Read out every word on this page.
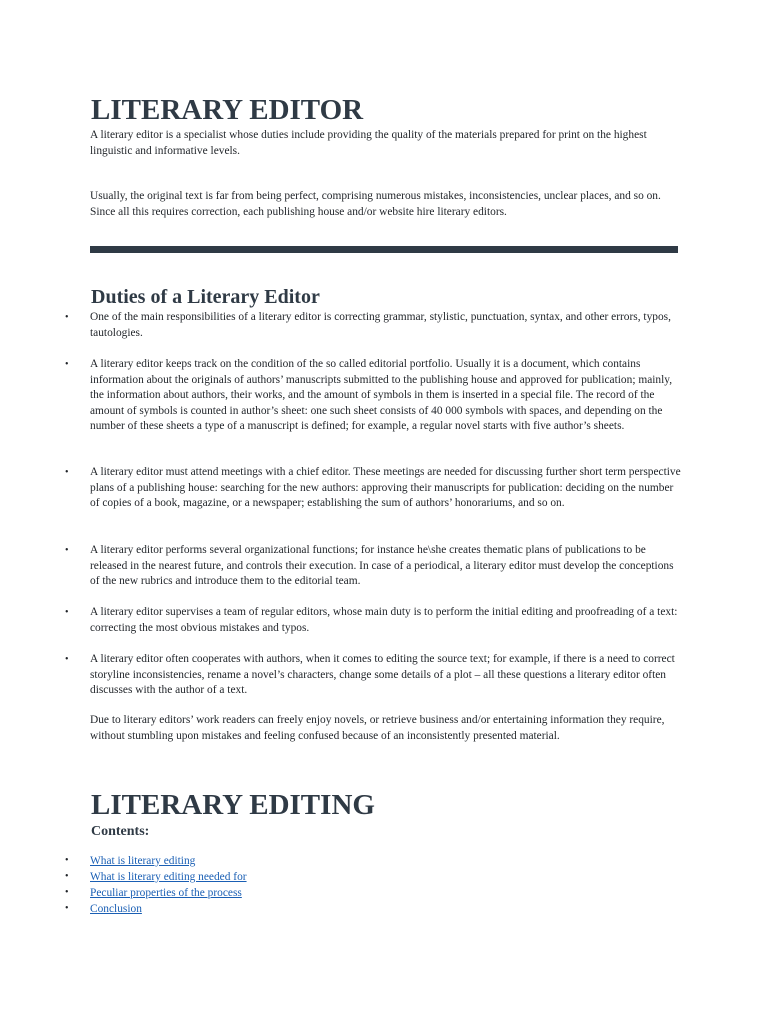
LITERARY EDITOR

A literary editor is a specialist whose duties include providing the quality of the materials prepared for print on the highest linguistic and informative levels.

Usually, the original text is far from being perfect, comprising numerous mistakes, inconsistencies, unclear places, and so on. Since all this requires correction, each publishing house and/or website hire literary editors.

Duties of a Literary Editor
• One of the main responsibilities of a literary editor is correcting grammar, stylistic, punctuation, syntax, and other errors, typos, tautologies.
• A literary editor keeps track on the condition of the so called editorial portfolio. Usually it is a document, which contains information about the originals of authors’ manuscripts submitted to the publishing house and approved for publication; mainly, the information about authors, their works, and the amount of symbols in them is inserted in a special file. The record of the amount of symbols is counted in author’s sheet: one such sheet consists of 40 000 symbols with spaces, and depending on the number of these sheets a type of a manuscript is defined; for example, a regular novel starts with five author’s sheets.
• A literary editor must attend meetings with a chief editor. These meetings are needed for discussing further short term perspective plans of a publishing house: searching for the new authors: approving their manuscripts for publication: deciding on the number of copies of a book, magazine, or a newspaper; establishing the sum of authors’ honorariums, and so on.
• A literary editor performs several organizational functions; for instance he\she creates thematic plans of publications to be released in the nearest future, and controls their execution. In case of a periodical, a literary editor must develop the conceptions of the new rubrics and introduce them to the editorial team.
• A literary editor supervises a team of regular editors, whose main duty is to perform the initial editing and proofreading of a text: correcting the most obvious mistakes and typos.
• A literary editor often cooperates with authors, when it comes to editing the source text; for example, if there is a need to correct storyline inconsistencies, rename a novel’s characters, change some details of a plot – all these questions a literary editor often discusses with the author of a text.

Due to literary editors’ work readers can freely enjoy novels, or retrieve business and/or entertaining information they require, without stumbling upon mistakes and feeling confused because of an inconsistently presented material.

LITERARY EDITING

Contents:

• What is literary editing
• What is literary editing needed for
• Peculiar properties of the process
• Conclusion
